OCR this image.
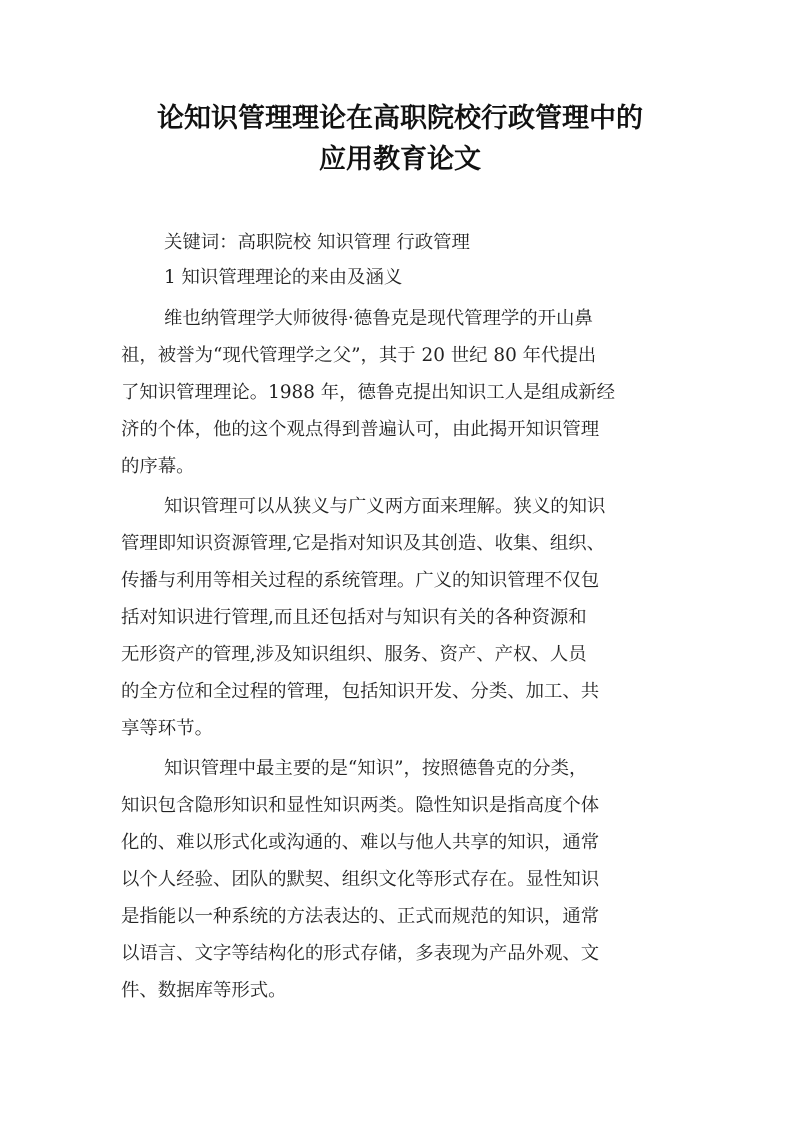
论知识管理理论在高职院校行政管理中的
应用教育论文
关键词：高职院校 知识管理 行政管理
1 知识管理理论的来由及涵义
维也纳管理学大师彼得·德鲁克是现代管理学的开山鼻
祖，被誉为“现代管理学之父”，其于 20 世纪 80 年代提出
了知识管理理论。1988 年，德鲁克提出知识工人是组成新经
济的个体，他的这个观点得到普遍认可，由此揭开知识管理
的序幕。
知识管理可以从狭义与广义两方面来理解。狭义的知识
管理即知识资源管理,它是指对知识及其创造、收集、组织、
传播与利用等相关过程的系统管理。广义的知识管理不仅包
括对知识进行管理,而且还包括对与知识有关的各种资源和
无形资产的管理,涉及知识组织、服务、资产、产权、人员
的全方位和全过程的管理，包括知识开发、分类、加工、共
享等环节。
知识管理中最主要的是“知识”，按照德鲁克的分类，
知识包含隐形知识和显性知识两类。隐性知识是指高度个体
化的、难以形式化或沟通的、难以与他人共享的知识，通常
以个人经验、团队的默契、组织文化等形式存在。显性知识
是指能以一种系统的方法表达的、正式而规范的知识，通常
以语言、文字等结构化的形式存储，多表现为产品外观、文
件、数据库等形式。
